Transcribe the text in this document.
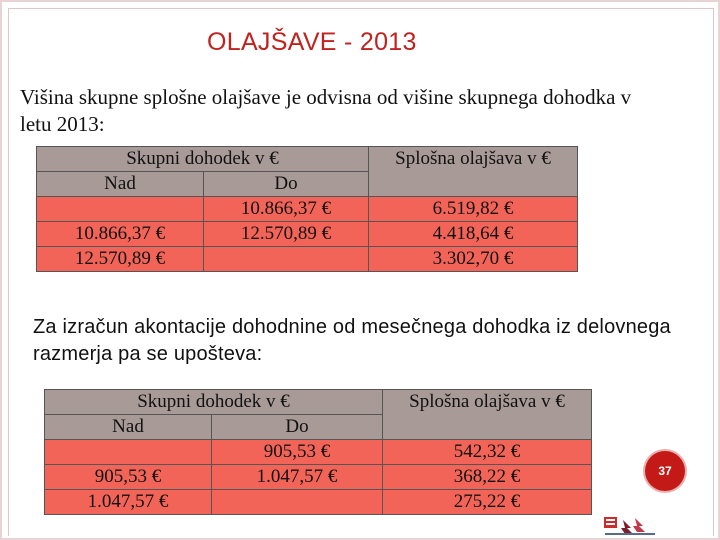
OLAJŠAVE - 2013
Višina skupne splošne olajšave je odvisna od višine skupnega dohodka v letu 2013:
Skupni dohodek v €		Splošna olajšava v €
Nad	Do	
	10.866,37 €	6.519,82 €
10.866,37 €	12.570,89 €	4.418,64 €
12.570,89 €		3.302,70 €
Za izračun akontacije dohodnine od mesečnega dohodka iz delovnega razmerja pa se upošteva:
Skupni dohodek v €		Splošna olajšava v €
Nad	Do	
	905,53 €	542,32 €
905,53 €	1.047,57 €	368,22 €
1.047,57 €		275,22 €
37
